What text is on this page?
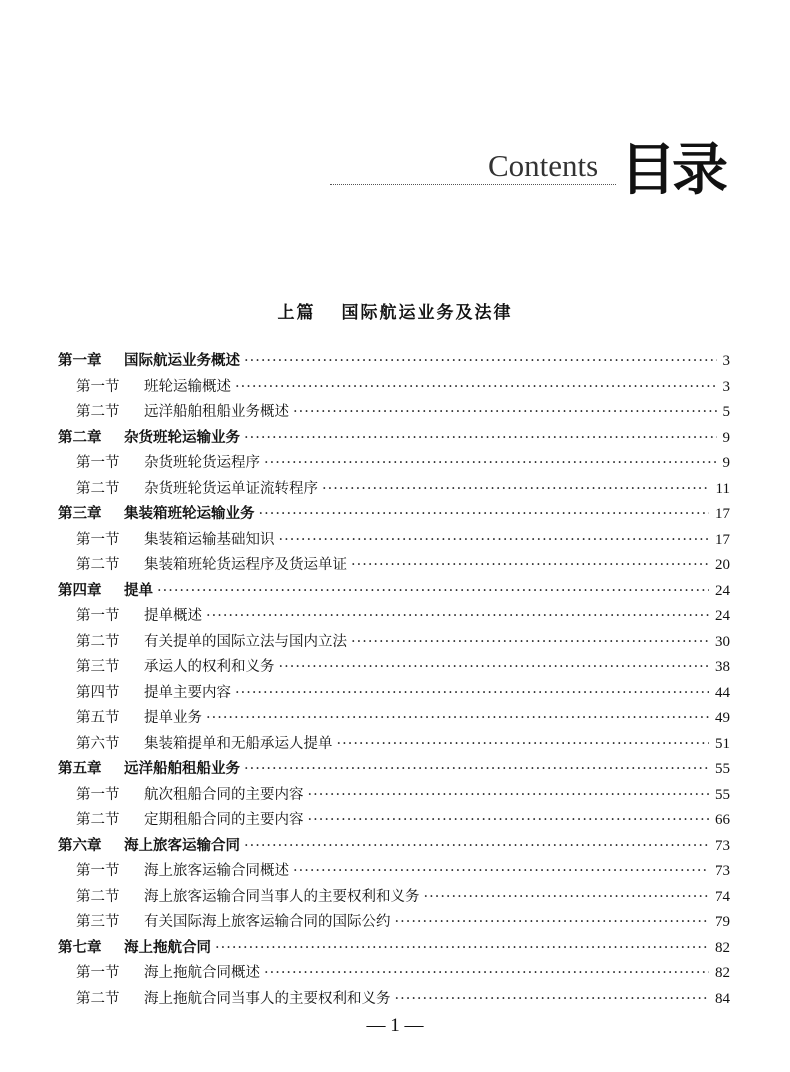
Contents 目录
上篇 国际航运业务及法律
第一章	国际航运业务概述 ·····	3
第一节	班轮运输概述 ·····	3
第二节	远洋船舶租船业务概述 ·····	5
第二章	杂货班轮运输业务 ·····	9
第一节	杂货班轮货运程序 ·····	9
第二节	杂货班轮货运单证流转程序 ·····	11
第三章	集装箱班轮运输业务 ·····	17
第一节	集装箱运输基础知识 ·····	17
第二节	集装箱班轮货运程序及货运单证 ·····	20
第四章	提单 ·····	24
第一节	提单概述 ·····	24
第二节	有关提单的国际立法与国内立法 ·····	30
第三节	承运人的权利和义务 ·····	38
第四节	提单主要内容 ·····	44
第五节	提单业务 ·····	49
第六节	集装箱提单和无船承运人提单 ·····	51
第五章	远洋船舶租船业务 ·····	55
第一节	航次租船合同的主要内容 ·····	55
第二节	定期租船合同的主要内容 ·····	66
第六章	海上旅客运输合同 ·····	73
第一节	海上旅客运输合同概述 ·····	73
第二节	海上旅客运输合同当事人的主要权利和义务 ·····	74
第三节	有关国际海上旅客运输合同的国际公约 ·····	79
第七章	海上拖航合同 ·····	82
第一节	海上拖航合同概述 ·····	82
第二节	海上拖航合同当事人的主要权利和义务 ·····	84
— 1 —
